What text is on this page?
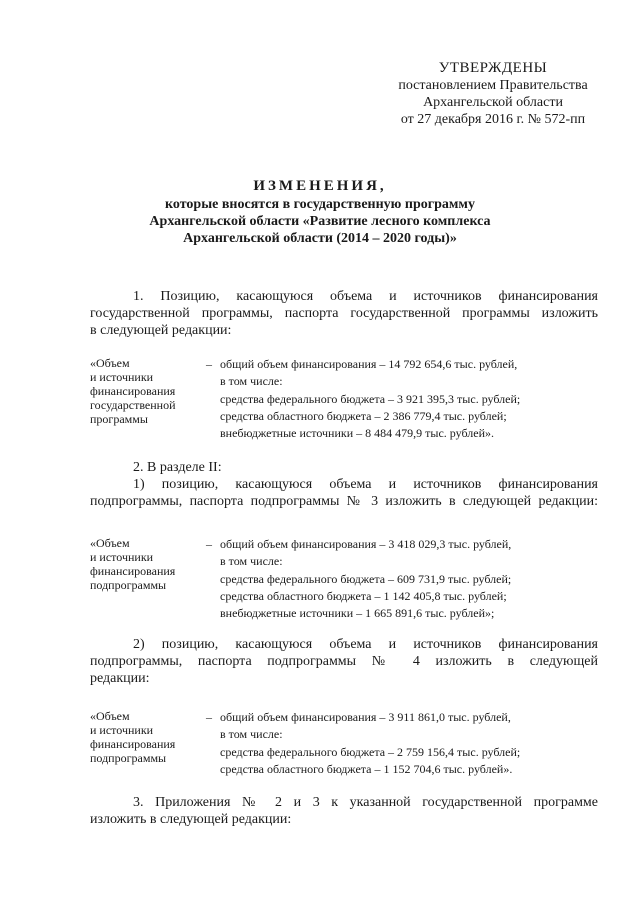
УТВЕРЖДЕНЫ
постановлением Правительства
Архангельской области
от 27 декабря 2016 г. № 572-пп
ИЗМЕНЕНИЯ,
которые вносятся в государственную программу
Архангельской области «Развитие лесного комплекса
Архангельской области (2014 – 2020 годы)»
1. Позицию, касающуюся объема и источников финансирования
государственной программы, паспорта государственной программы изложить
в следующей редакции:
«Объем
и источники
финансирования
государственной
программы
– общий объем финансирования – 14 792 654,6 тыс. рублей,
в том числе:
средства федерального бюджета – 3 921 395,3 тыс. рублей;
средства областного бюджета – 2 386 779,4 тыс. рублей;
внебюджетные источники – 8 484 479,9 тыс. рублей».
2. В разделе II:
1) позицию, касающуюся объема и источников финансирования
подпрограммы, паспорта подпрограммы № 3 изложить в следующей редакции:
«Объем
и источники
финансирования
подпрограммы
– общий объем финансирования – 3 418 029,3 тыс. рублей,
в том числе:
средства федерального бюджета – 609 731,9 тыс. рублей;
средства областного бюджета – 1 142 405,8 тыс. рублей;
внебюджетные источники – 1 665 891,6 тыс. рублей»;
2) позицию, касающуюся объема и источников финансирования
подпрограммы, паспорта подпрограммы № 4 изложить в следующей
редакции:
«Объем
и источники
финансирования
подпрограммы
– общий объем финансирования – 3 911 861,0 тыс. рублей,
в том числе:
средства федерального бюджета – 2 759 156,4 тыс. рублей;
средства областного бюджета – 1 152 704,6 тыс. рублей».
3. Приложения № 2 и 3 к указанной государственной программе
изложить в следующей редакции:
